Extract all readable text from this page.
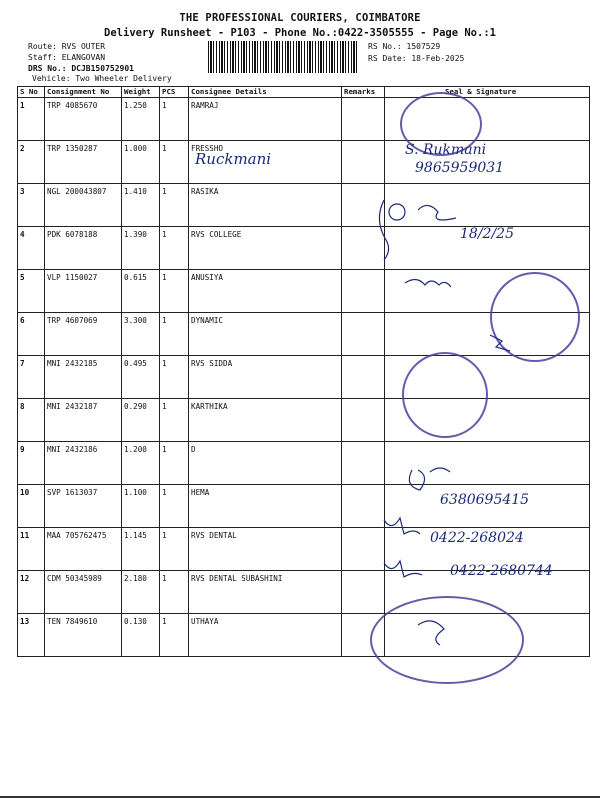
THE PROFESSIONAL COURIERS, COIMBATORE
Delivery Runsheet - P103 - Phone No.:0422-3505555 - Page No.:1
Route: RVS OUTER
Staff: ELANGOVAN
DRS No.: DCJB150752901
Vehicle: Two Wheeler Delivery
RS No.: 1507529
RS Date: 18-Feb-2025
S No	Consignment No	Weight	PCS	Consignee Details	Remarks	Seal & Signature
1	TRP 4085670	1.250	1	RAMRAJ		
2	TRP 1350287	1.000	1	FRESSHO		
3	NGL 200043807	1.410	1	RASIKA		
4	PDK 6078188	1.390	1	RVS COLLEGE		
5	VLP 1150027	0.615	1	ANUSIYA		
6	TRP 4607069	3.300	1	DYNAMIC		
7	MNI 2432185	0.495	1	RVS SIDDA		
8	MNI 2432187	0.290	1	KARTHIKA		
9	MNI 2432186	1.200	1	D		
10	SVP 1613037	1.100	1	HEMA		
11	MAA 705762475	1.145	1	RVS DENTAL		
12	CDM 50345989	2.180	1	RVS DENTAL SUBASHINI		
13	TEN 7849610	0.130	1	UTHAYA		
Ruckmani	S. Rukmani
9865959031
18/2/25
6380695415
0422-268024
0422-2680744
